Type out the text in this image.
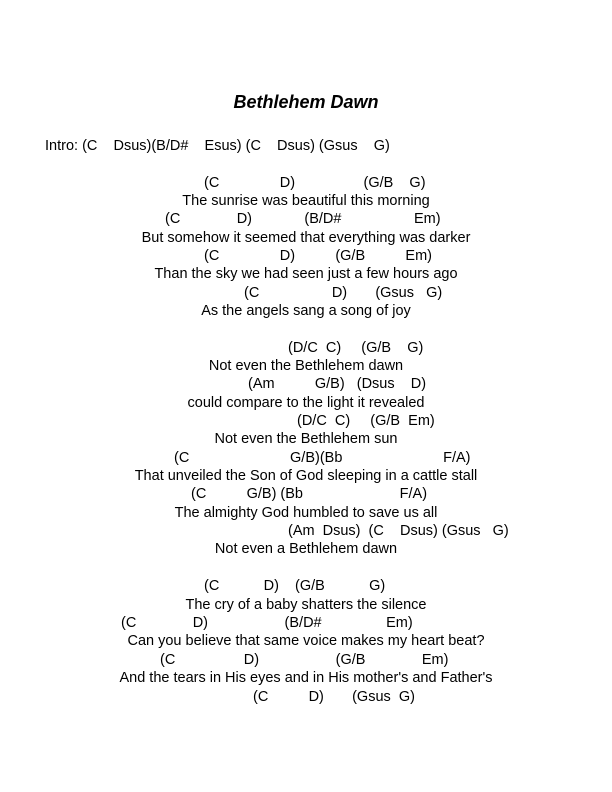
Bethlehem Dawn
Intro: (C    Dsus)(B/D#    Esus) (C    Dsus) (Gsus    G)
(C               D)                 (G/B    G)
The sunrise was beautiful this morning
(C              D)             (B/D#                  Em)
But somehow it seemed that everything was darker
(C               D)          (G/B          Em)
Than the sky we had seen just a few hours ago
(C                  D)       (Gsus   G)
As the angels sang a song of joy
(D/C  C)     (G/B    G)
Not even the Bethlehem dawn
(Am          G/B)   (Dsus    D)
could compare to the light it revealed
(D/C  C)     (G/B  Em)
Not even the Bethlehem sun
(C                         G/B)(Bb                         F/A)
That unveiled the Son of God sleeping in a cattle stall
(C          G/B) (Bb                        F/A)
The almighty God humbled to save us all
(Am  Dsus)  (C    Dsus) (Gsus   G)
Not even a Bethlehem dawn
(C           D)    (G/B           G)
The cry of a baby shatters the silence
(C              D)                   (B/D#                Em)
Can you believe that same voice makes my heart beat?
(C                 D)                   (G/B              Em)
And the tears in His eyes and in His mother's and Father's
(C          D)       (Gsus  G)
